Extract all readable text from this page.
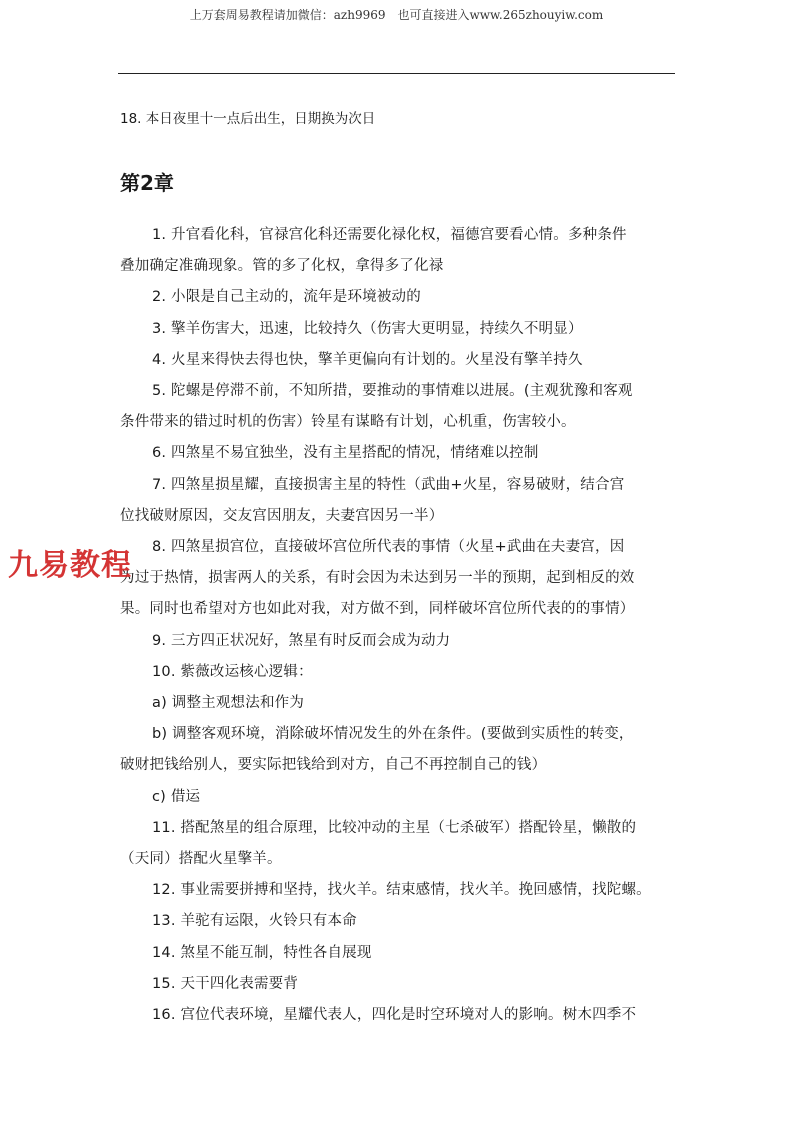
上万套周易教程请加微信：azh9969　也可直接进入www.265zhouyiw.com
18. 本日夜里十一点后出生，日期换为次日
第2章

1. 升官看化科，官禄宫化科还需要化禄化权，福德宫要看心情。多种条件
叠加确定准确现象。管的多了化权，拿得多了化禄

2. 小限是自己主动的，流年是环境被动的

3. 擎羊伤害大，迅速，比较持久（伤害大更明显，持续久不明显）

4. 火星来得快去得也快，擎羊更偏向有计划的。火星没有擎羊持久

5. 陀螺是停滞不前，不知所措，要推动的事情难以进展。(主观犹豫和客观
条件带来的错过时机的伤害）铃星有谋略有计划，心机重，伤害较小。

6. 四煞星不易宜独坐，没有主星搭配的情况，情绪难以控制

7. 四煞星损星耀，直接损害主星的特性（武曲+火星，容易破财，结合宫
位找破财原因，交友宫因朋友，夫妻宫因另一半）

8. 四煞星损宫位，直接破坏宫位所代表的事情（火星+武曲在夫妻宫，因
为过于热情，损害两人的关系，有时会因为未达到另一半的预期，起到相反的效
果。同时也希望对方也如此对我，对方做不到，同样破坏宫位所代表的的事情）

9. 三方四正状况好，煞星有时反而会成为动力

10. 紫薇改运核心逻辑：

a) 调整主观想法和作为

b) 调整客观环境，消除破坏情况发生的外在条件。(要做到实质性的转变，
破财把钱给别人，要实际把钱给到对方，自己不再控制自己的钱）

c) 借运

11. 搭配煞星的组合原理，比较冲动的主星（七杀破军）搭配铃星，懒散的
（天同）搭配火星擎羊。

12. 事业需要拼搏和坚持，找火羊。结束感情，找火羊。挽回感情，找陀螺。

13. 羊驼有运限，火铃只有本命

14. 煞星不能互制，特性各自展现

15. 天干四化表需要背

16. 宫位代表环境，星耀代表人，四化是时空环境对人的影响。树木四季不

九易教程
